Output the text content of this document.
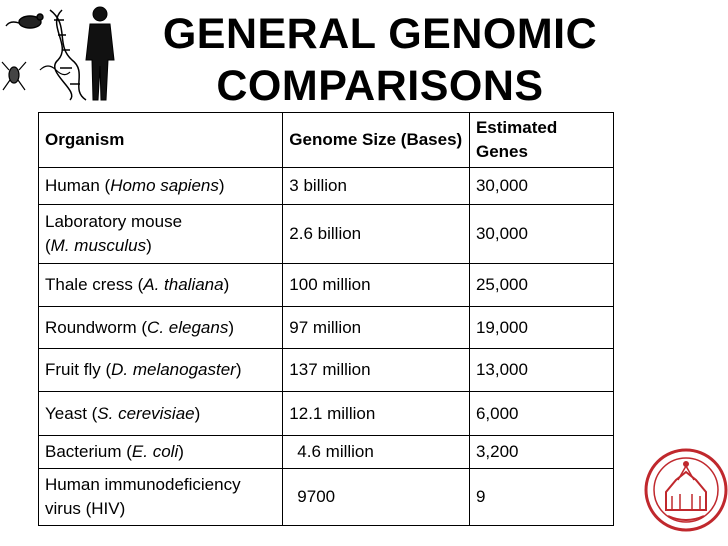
GENERAL GENOMIC
COMPARISONS
Organism	Genome Size (Bases)	Estimated Genes
Human (Homo sapiens)	3 billion	30,000

Laboratory mouse
(M. musculus)	2.6 billion	30,000
Thale cress (A. thaliana)	100 million	25,000
Roundworm (C. elegans)	97 million	19,000
Fruit fly (D. melanogaster)	137 million	13,000
Yeast (S. cerevisiae)	12.1 million	6,000
Bacterium (E. coli)	4.6 million	3,200
Human immunodeficiency virus (HIV)	9700	9
